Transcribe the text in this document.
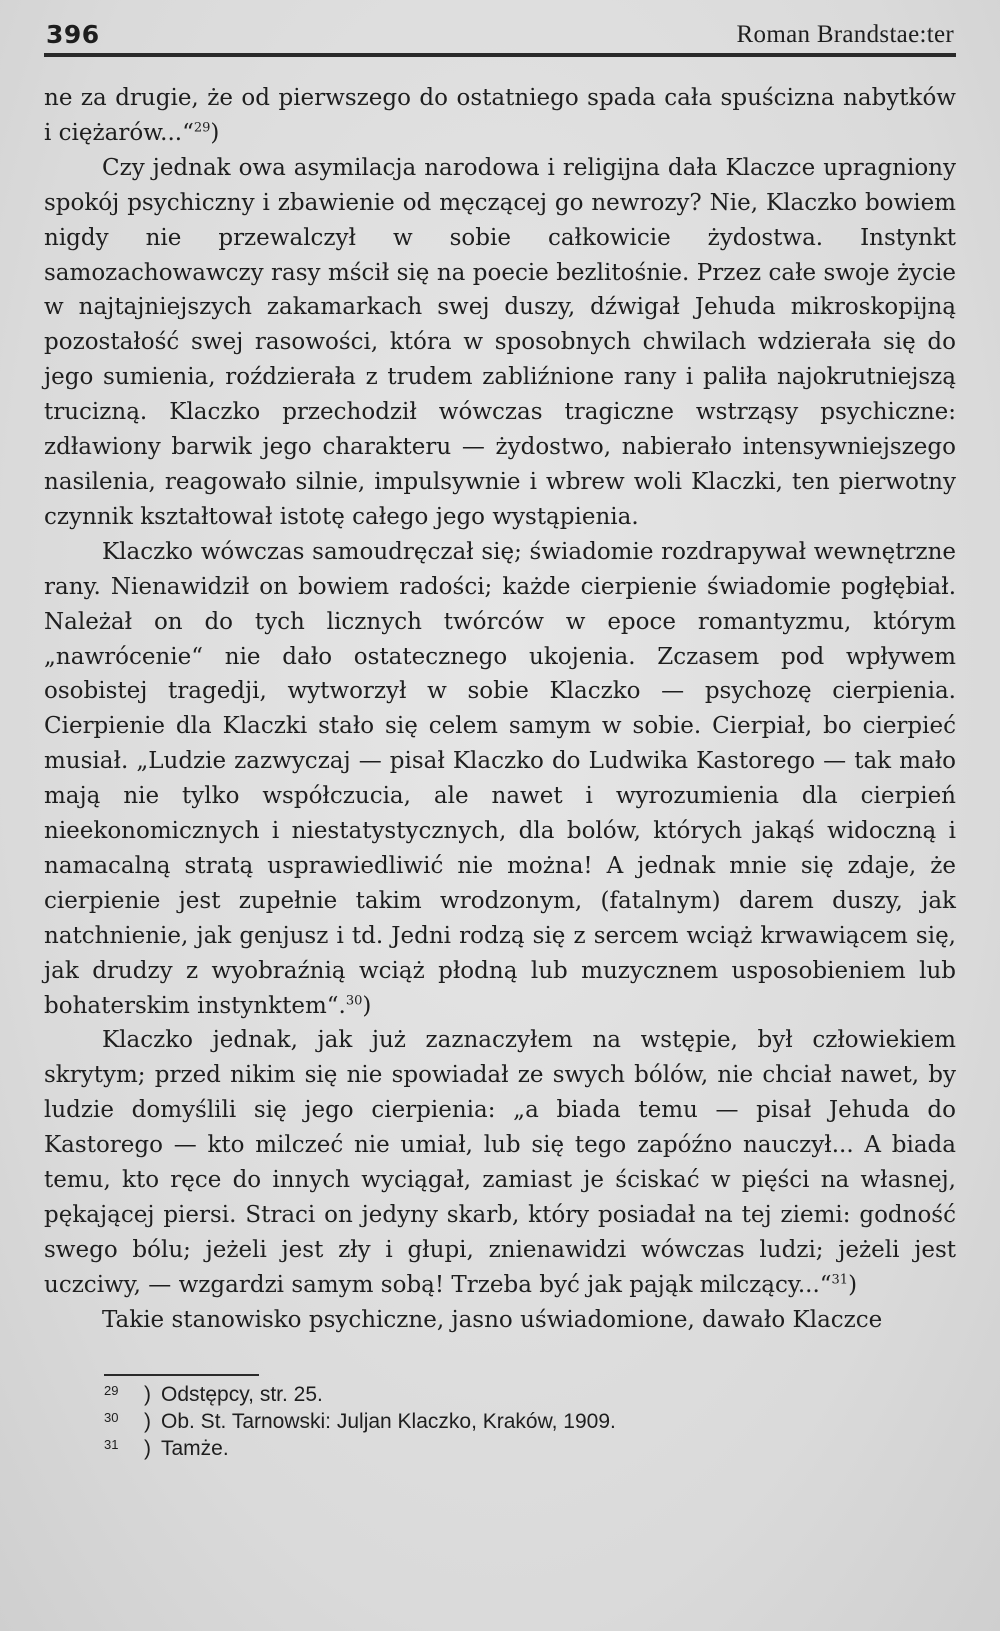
396	Roman Brandstae:ter

ne za drugie, że od pierwszego do ostatniego spada cała spuścizna nabytków i ciężarów...“$^{29}$)

Czy jednak owa asymilacja narodowa i religijna dała Klaczce upragniony spokój psychiczny i zbawienie od męczącej go newrozy? Nie, Klaczko bowiem nigdy nie przewalczył w sobie całkowicie żydostwa. Instynkt samozachowawczy rasy mścił się na poecie bezlitośnie. Przez całe swoje życie w najtajniejszych zakamarkach swej duszy, dźwigał Jehuda mikroskopijną pozostałość swej rasowości, która w sposobnych chwilach wdzierała się do jego sumienia, roździerała z trudem zabliźnione rany i paliła najokrutniejszą trucizną. Klaczko przechodził wówczas tragiczne wstrząsy psychiczne: zdławiony barwik jego charakteru — żydostwo, nabierało intensywniejszego nasilenia, reagowało silnie, impulsywnie i wbrew woli Klaczki, ten pierwotny czynnik kształtował istotę całego jego wystąpienia.

Klaczko wówczas samoudręczał się; świadomie rozdrapywał wewnętrzne rany. Nienawidził on bowiem radości; każde cierpienie świadomie pogłębiał. Należał on do tych licznych twórców w epoce romantyzmu, którym „nawrócenie“ nie dało ostatecznego ukojenia. Zczasem pod wpływem osobistej tragedji, wytworzył w sobie Klaczko — psychozę cierpienia. Cierpienie dla Klaczki stało się celem samym w sobie. Cierpiał, bo cierpieć musiał. „Ludzie zazwyczaj — pisał Klaczko do Ludwika Kastorego — tak mało mają nie tylko współczucia, ale nawet i wyrozumienia dla cierpień nieekonomicznych i niestatystycznych, dla bolów, których jakąś widoczną i namacalną stratą usprawiedliwić nie można! A jednak mnie się zdaje, że cierpienie jest zupełnie takim wrodzonym, (fatalnym) darem duszy, jak natchnienie, jak genjusz i td. Jedni rodzą się z sercem wciąż krwawiącem się, jak drudzy z wyobraźnią wciąż płodną lub muzycznem usposobieniem lub bohaterskim instynktem“.$^{30}$)

Klaczko jednak, jak już zaznaczyłem na wstępie, był człowiekiem skrytym; przed nikim się nie spowiadał ze swych bólów, nie chciał nawet, by ludzie domyślili się jego cierpienia: „a biada temu — pisał Jehuda do Kastorego — kto milczeć nie umiał, lub się tego zapóźno nauczył... A biada temu, kto ręce do innych wyciągał, zamiast je ściskać w pięści na własnej, pękającej piersi. Straci on jedyny skarb, który posiadał na tej ziemi: godność swego bólu; jeżeli jest zły i głupi, znienawidzi wówczas ludzi; jeżeli jest uczciwy, — wzgardzi samym sobą! Trzeba być jak pająk milczący...“$^{31}$)

Takie stanowisko psychiczne, jasno uświadomione, dawało Klaczce

29	) Odstępcy, str. 25.
30	) Ob. St. Tarnowski: Juljan Klaczko, Kraków, 1909.
31	) Tamże.
